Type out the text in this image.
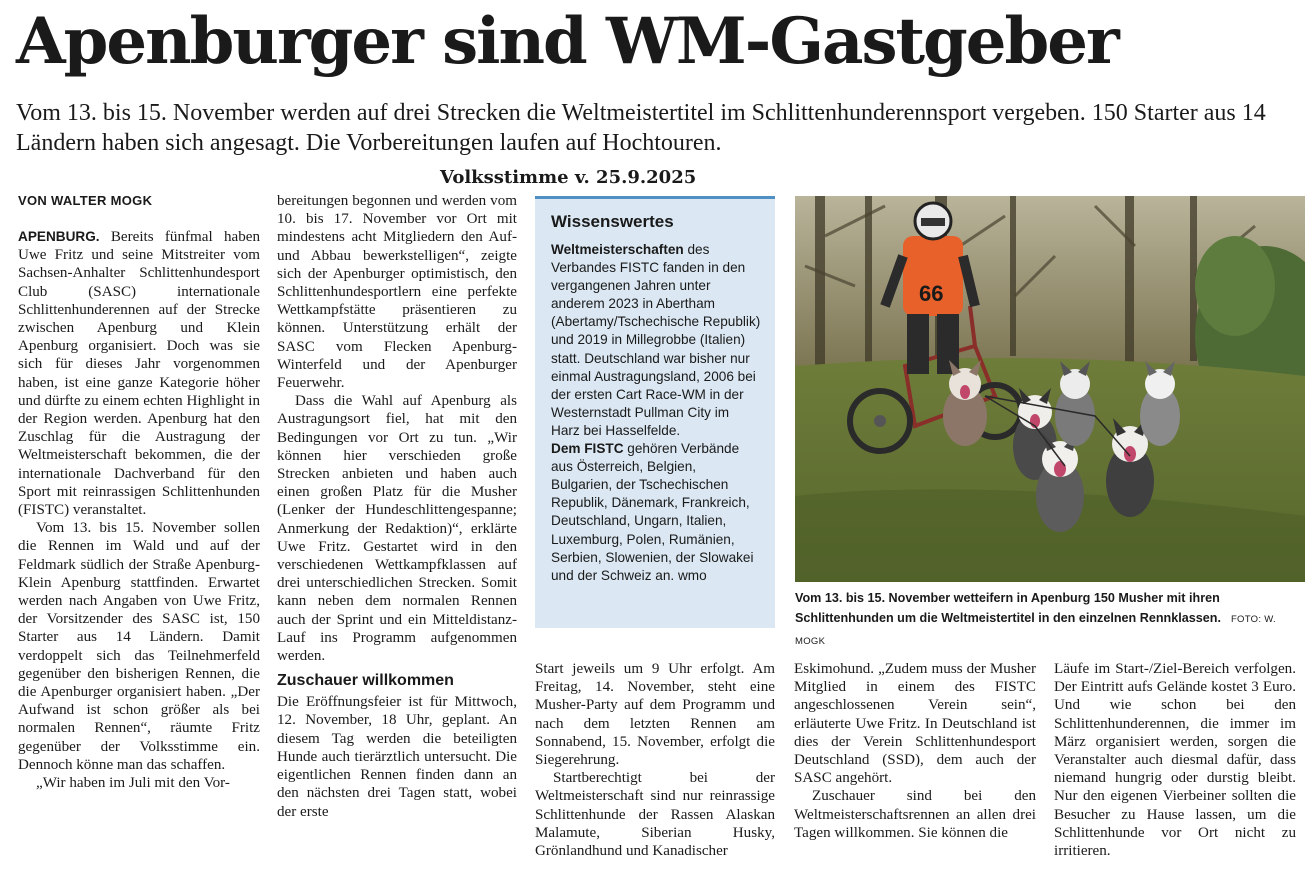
Apenburger sind WM-Gastgeber

Vom 13. bis 15. November werden auf drei Strecken die Weltmeistertitel im Schlittenhunderennsport vergeben. 150 Starter aus 14 Ländern haben sich angesagt. Die Vorbereitungen laufen auf Hochtouren.

Volksstimme v. 25.9.2025

VON WALTER MOGK

APENBURG. Bereits fünfmal haben Uwe Fritz und seine Mitstreiter vom Sachsen-Anhalter Schlittenhundesport Club (SASC) internationale Schlittenhunderennen auf der Strecke zwischen Apenburg und Klein Apenburg organisiert. Doch was sie sich für dieses Jahr vorgenommen haben, ist eine ganze Kategorie höher und dürfte zu einem echten Highlight in der Region werden. Apenburg hat den Zuschlag für die Austragung der Weltmeisterschaft bekommen, die der internationale Dachverband für den Sport mit reinrassigen Schlittenhunden (FISTC) veranstaltet.

Vom 13. bis 15. November sollen die Rennen im Wald und auf der Feldmark südlich der Straße Apenburg-Klein Apenburg stattfinden. Erwartet werden nach Angaben von Uwe Fritz, der Vorsitzender des SASC ist, 150 Starter aus 14 Ländern. Damit verdoppelt sich das Teilnehmerfeld gegenüber den bisherigen Rennen, die die Apenburger organisiert haben. „Der Aufwand ist schon größer als bei normalen Rennen“, räumte Fritz gegenüber der Volksstimme ein. Dennoch könne man das schaffen.

„Wir haben im Juli mit den Vor-

bereitungen begonnen und werden vom 10. bis 17. November vor Ort mit mindestens acht Mitgliedern den Auf- und Abbau bewerkstelligen“, zeigte sich der Apenburger optimistisch, den Schlittenhundesportlern eine perfekte Wettkampfstätte präsentieren zu können. Unterstützung erhält der SASC vom Flecken Apenburg-Winterfeld und der Apenburger Feuerwehr.

Dass die Wahl auf Apenburg als Austragungsort fiel, hat mit den Bedingungen vor Ort zu tun. „Wir können hier verschieden große Strecken anbieten und haben auch einen großen Platz für die Musher (Lenker der Hundeschlittengespanne; Anmerkung der Redaktion)“, erklärte Uwe Fritz. Gestartet wird in den verschiedenen Wettkampfklassen auf drei unterschiedlichen Strecken. Somit kann neben dem normalen Rennen auch der Sprint und ein Mitteldistanz-Lauf ins Programm aufgenommen werden.

Zuschauer willkommen

Die Eröffnungsfeier ist für Mittwoch, 12. November, 18 Uhr, geplant. An diesem Tag werden die beteiligten Hunde auch tierärztlich untersucht. Die eigentlichen Rennen finden dann an den nächsten drei Tagen statt, wobei der erste

Wissenswertes

Weltmeisterschaften des Verbandes FISTC fanden in den vergangenen Jahren unter anderem 2023 in Abertham (Abertamy/Tschechische Republik) und 2019 in Millegrobbe (Italien) statt. Deutschland war bisher nur einmal Austragungsland, 2006 bei der ersten Cart Race-WM in der Westernstadt Pullman City im Harz bei Hasselfelde.

Dem FISTC gehören Verbände aus Österreich, Belgien, Bulgarien, der Tschechischen Republik, Dänemark, Frankreich, Deutschland, Ungarn, Italien, Luxemburg, Polen, Rumänien, Serbien, Slowenien, der Slowakei und der Schweiz an. wmo

66

Vom 13. bis 15. November wetteifern in Apenburg 150 Musher mit ihren Schlittenhunden um die Weltmeistertitel in den einzelnen Rennklassen. FOTO: W. MOGK

Start jeweils um 9 Uhr erfolgt. Am Freitag, 14. November, steht eine Musher-Party auf dem Programm und nach dem letzten Rennen am Sonnabend, 15. November, erfolgt die Siegerehrung.

Startberechtigt bei der Weltmeisterschaft sind nur reinrassige Schlittenhunde der Rassen Alaskan Malamute, Siberian Husky, Grönlandhund und Kanadischer

Eskimohund. „Zudem muss der Musher Mitglied in einem des FISTC angeschlossenen Verein sein“, erläuterte Uwe Fritz. In Deutschland ist dies der Verein Schlittenhundesport Deutschland (SSD), dem auch der SASC angehört.

Zuschauer sind bei den Weltmeisterschaftsrennen an allen drei Tagen willkommen. Sie können die

Läufe im Start-/Ziel-Bereich verfolgen. Der Eintritt aufs Gelände kostet 3 Euro. Und wie schon bei den Schlittenhunderennen, die immer im März organisiert werden, sorgen die Veranstalter auch diesmal dafür, dass niemand hungrig oder durstig bleibt. Nur den eigenen Vierbeiner sollten die Besucher zu Hause lassen, um die Schlittenhunde vor Ort nicht zu irritieren.
